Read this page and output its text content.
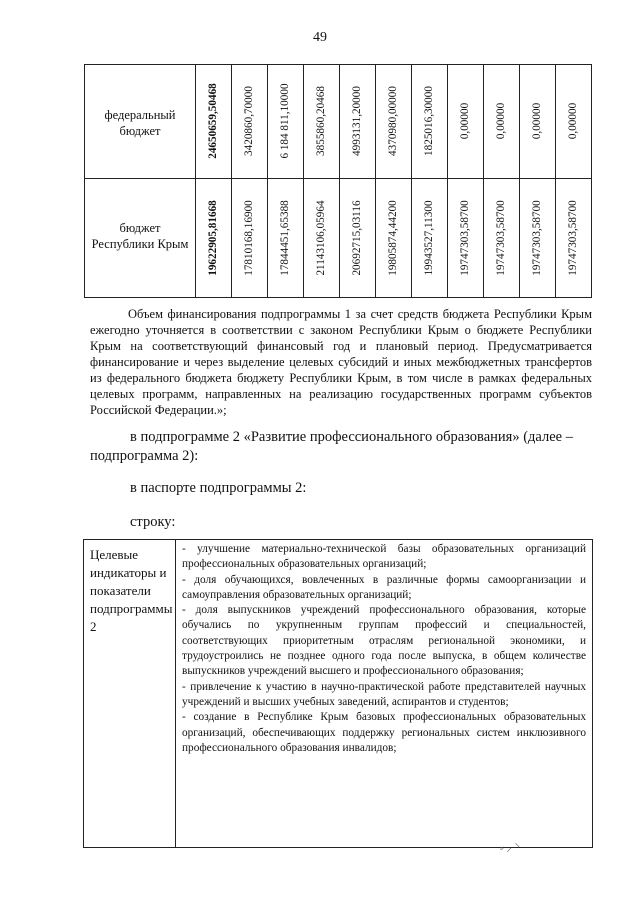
49
федеральный
бюджет
бюджет
Республики Крым
24650659,50468
19622905,81668
3420860,70000
17810168,16900
6 184 811,10000
17844451,65388
3855860,20468
21143106,05964
4993131,20000
20692715,03116
4370980,00000
19805874,44200
1825016,30000
19943527,11300
0,00000
19747303,58700
0,00000
19747303,58700
0,00000
19747303,58700
0,00000
19747303,58700
Объем финансирования подпрограммы 1 за счет средств бюджета Республики Крым ежегодно уточняется в соответствии с законом Республики Крым о бюджете Республики Крым на соответствующий финансовый год и плановый период. Предусматривается финансирование и через выделение целевых субсидий и иных межбюджетных трансфертов из федерального бюджета бюджету Республики Крым, в том числе в рамках федеральных целевых программ, направленных на реализацию государственных программ субъектов Российской Федерации.»;
в подпрограмме 2 «Развитие профессионального образования» (далее – подпрограмма 2):
в паспорте подпрограммы 2:
строку:
Целевые индикаторы и показатели подпрограммы 2

- улучшение материально-технической базы образовательных организаций профессиональных образовательных организаций;

- доля обучающихся, вовлеченных в различные формы самоорганизации и самоуправления образовательных организаций;

- доля выпускников учреждений профессионального образования, которые обучались по укрупненным группам профессий и специальностей, соответствующих приоритетным отраслям региональной экономики, и трудоустроились не позднее одного года после выпуска, в общем количестве выпускников учреждений высшего и профессионального образования;

- привлечение к участию в научно-практической работе представителей научных учреждений и высших учебных заведений, аспирантов и студентов;

- создание в Республике Крым базовых профессиональных образовательных организаций, обеспечивающих поддержку региональных систем инклюзивного профессионального образования инвалидов;

⸗ ⸝ ⸌
